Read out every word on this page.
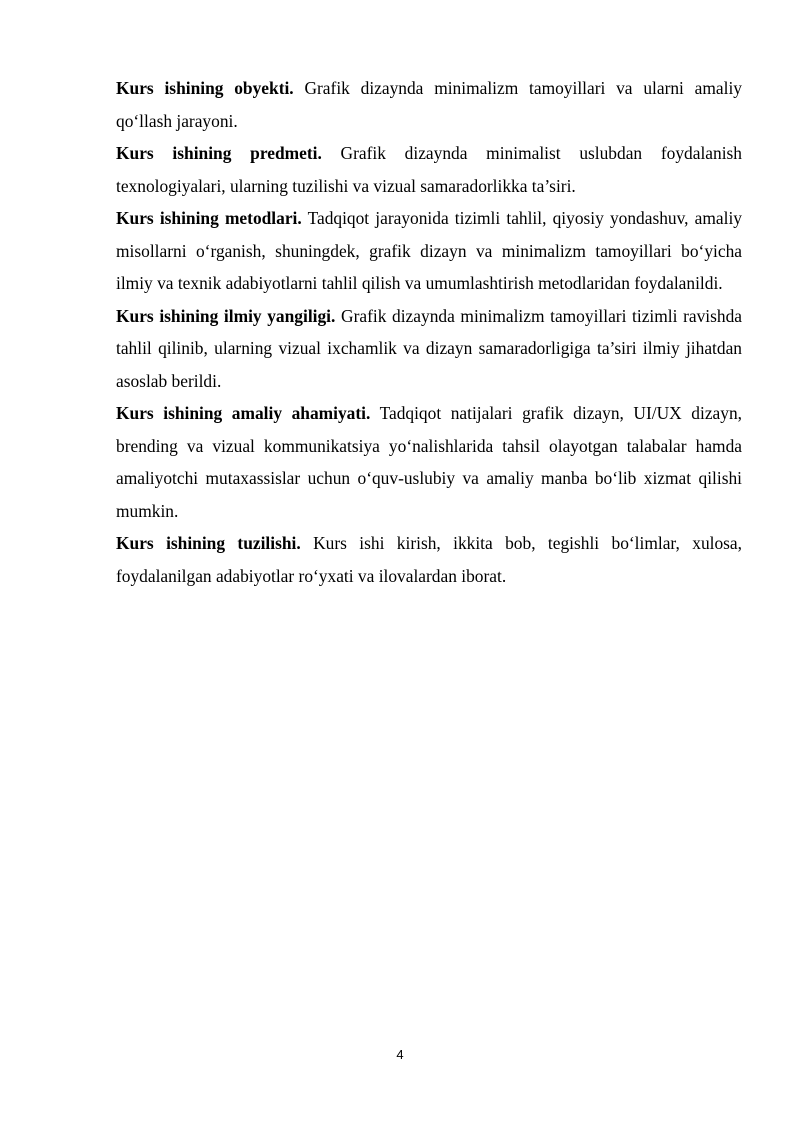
Kurs ishining obyekti. Grafik dizaynda minimalizm tamoyillari va ularni amaliy qo‘llash jarayoni.

Kurs ishining predmeti. Grafik dizaynda minimalist uslubdan foydalanish texnologiyalari, ularning tuzilishi va vizual samaradorlikka ta’siri.

Kurs ishining metodlari. Tadqiqot jarayonida tizimli tahlil, qiyosiy yondashuv, amaliy misollarni o‘rganish, shuningdek, grafik dizayn va minimalizm tamoyillari bo‘yicha ilmiy va texnik adabiyotlarni tahlil qilish va umumlashtirish metodlaridan foydalanildi.

Kurs ishining ilmiy yangiligi. Grafik dizaynda minimalizm tamoyillari tizimli ravishda tahlil qilinib, ularning vizual ixchamlik va dizayn samaradorligiga ta’siri ilmiy jihatdan asoslab berildi.

Kurs ishining amaliy ahamiyati. Tadqiqot natijalari grafik dizayn, UI/UX dizayn, brending va vizual kommunikatsiya yo‘nalishlarida tahsil olayotgan talabalar hamda amaliyotchi mutaxassislar uchun o‘quv-uslubiy va amaliy manba bo‘lib xizmat qilishi mumkin.

Kurs ishining tuzilishi. Kurs ishi kirish, ikkita bob, tegishli bo‘limlar, xulosa, foydalanilgan adabiyotlar ro‘yxati va ilovalardan iborat.

4
